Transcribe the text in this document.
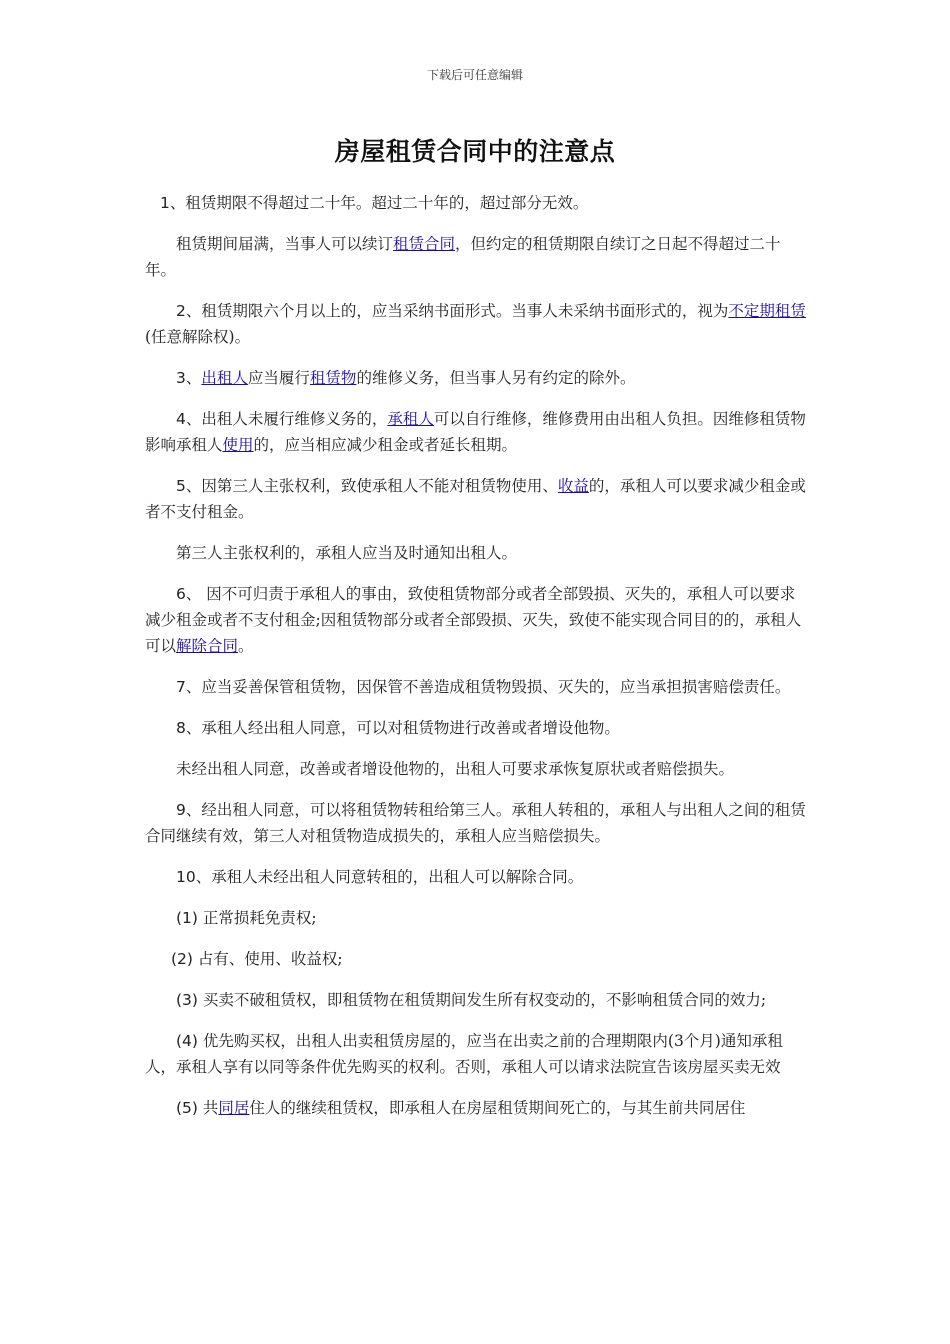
下载后可任意编辑
房屋租赁合同中的注意点

1、租赁期限不得超过二十年。超过二十年的，超过部分无效。

租赁期间届满，当事人可以续订租赁合同，但约定的租赁期限自续订之日起不得超过二十年。

2、租赁期限六个月以上的，应当采纳书面形式。当事人未采纳书面形式的，视为不定期租赁(任意解除权)。

3、出租人应当履行租赁物的维修义务，但当事人另有约定的除外。

4、出租人未履行维修义务的，承租人可以自行维修，维修费用由出租人负担。因维修租赁物影响承租人使用的，应当相应减少租金或者延长租期。

5、因第三人主张权利，致使承租人不能对租赁物使用、收益的，承租人可以要求减少租金或者不支付租金。

第三人主张权利的，承租人应当及时通知出租人。

6、 因不可归责于承租人的事由，致使租赁物部分或者全部毁损、灭失的，承租人可以要求减少租金或者不支付租金;因租赁物部分或者全部毁损、灭失，致使不能实现合同目的的，承租人可以解除合同。

7、应当妥善保管租赁物，因保管不善造成租赁物毁损、灭失的，应当承担损害赔偿责任。

8、承租人经出租人同意，可以对租赁物进行改善或者增设他物。

未经出租人同意，改善或者增设他物的，出租人可要求承恢复原状或者赔偿损失。

9、经出租人同意，可以将租赁物转租给第三人。承租人转租的，承租人与出租人之间的租赁合同继续有效，第三人对租赁物造成损失的，承租人应当赔偿损失。

10、承租人未经出租人同意转租的，出租人可以解除合同。

(1) 正常损耗免责权;

(2) 占有、使用、收益权;

(3) 买卖不破租赁权，即租赁物在租赁期间发生所有权变动的，不影响租赁合同的效力;

(4) 优先购买权，出租人出卖租赁房屋的，应当在出卖之前的合理期限内(3个月)通知承租人，承租人享有以同等条件优先购买的权利。否则，承租人可以请求法院宣告该房屋买卖无效

(5) 共同居住人的继续租赁权，即承租人在房屋租赁期间死亡的，与其生前共同居住
